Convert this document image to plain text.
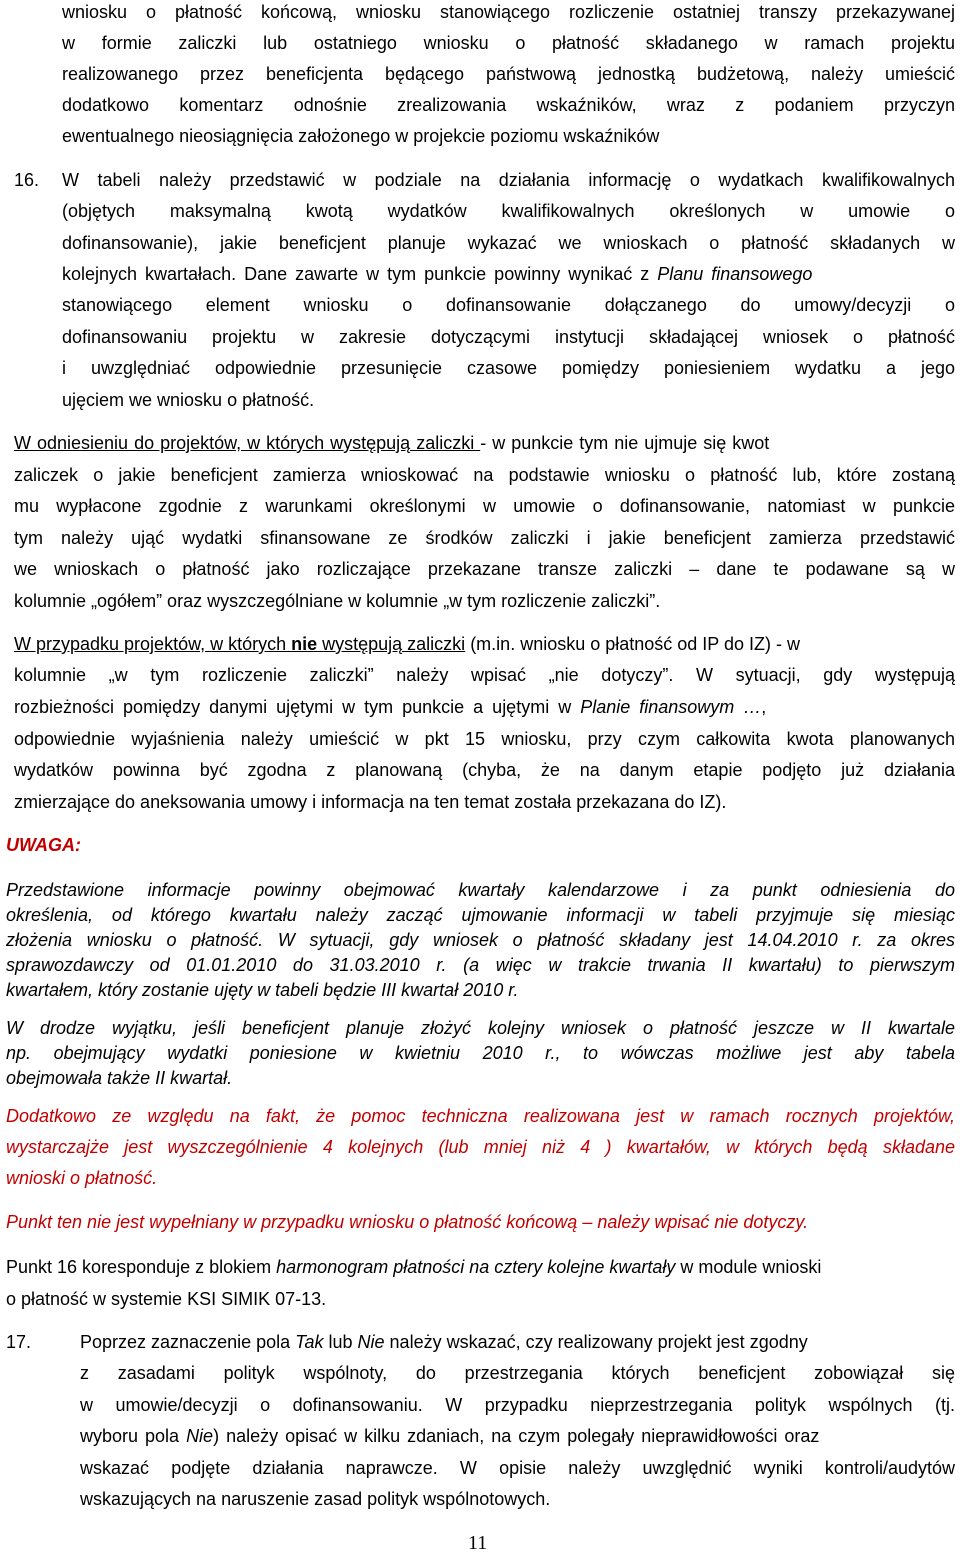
wniosku o płatność końcową, wniosku stanowiącego rozliczenie ostatniej transzy przekazywanej
w formie zaliczki lub ostatniego wniosku o płatność składanego w ramach projektu
realizowanego przez beneficjenta będącego państwową jednostką budżetową, należy umieścić
dodatkowo komentarz odnośnie zrealizowania wskaźników, wraz z podaniem przyczyn
ewentualnego nieosiągnięcia założonego w projekcie poziomu wskaźników
16. W tabeli należy przedstawić w podziale na działania informację o wydatkach kwalifikowalnych
(objętych maksymalną kwotą wydatków kwalifikowalnych określonych w umowie o
dofinansowanie), jakie beneficjent planuje wykazać we wnioskach o płatność składanych w
kolejnych kwartałach. Dane zawarte w tym punkcie powinny wynikać z Planu finansowego
stanowiącego element wniosku o dofinansowanie dołączanego do umowy/decyzji o
dofinansowaniu projektu w zakresie dotyczącymi instytucji składającej wniosek o płatność
i uwzględniać odpowiednie przesunięcie czasowe pomiędzy poniesieniem wydatku a jego
ujęciem we wniosku o płatność.
W odniesieniu do projektów, w których występują zaliczki - w punkcie tym nie ujmuje się kwot
zaliczek o jakie beneficjent zamierza wnioskować na podstawie wniosku o płatność lub, które zostaną
mu wypłacone zgodnie z warunkami określonymi w umowie o dofinansowanie, natomiast w punkcie
tym należy ująć wydatki sfinansowane ze środków zaliczki i jakie beneficjent zamierza przedstawić
we wnioskach o płatność jako rozliczające przekazane transze zaliczki – dane te podawane są w
kolumnie „ogółem” oraz wyszczególniane w kolumnie „w tym rozliczenie zaliczki”.
W przypadku projektów, w których nie występują zaliczki (m.in. wniosku o płatność od IP do IZ) - w
kolumnie „w tym rozliczenie zaliczki” należy wpisać „nie dotyczy”. W sytuacji, gdy występują
rozbieżności pomiędzy danymi ujętymi w tym punkcie a ujętymi w Planie finansowym …,
odpowiednie wyjaśnienia należy umieścić w pkt 15 wniosku, przy czym całkowita kwota planowanych
wydatków powinna być zgodna z planowaną (chyba, że na danym etapie podjęto już działania
zmierzające do aneksowania umowy i informacja na ten temat została przekazana do IZ).
UWAGA:
Przedstawione informacje powinny obejmować kwartały kalendarzowe i za punkt odniesienia do
określenia, od którego kwartału należy zacząć ujmowanie informacji w tabeli przyjmuje się miesiąc
złożenia wniosku o płatność. W sytuacji, gdy wniosek o płatność składany jest 14.04.2010 r. za okres
sprawozdawczy od 01.01.2010 do 31.03.2010 r. (a więc w trakcie trwania II kwartału) to pierwszym
kwartałem, który zostanie ujęty w tabeli będzie III kwartał 2010 r.
W drodze wyjątku, jeśli beneficjent planuje złożyć kolejny wniosek o płatność jeszcze w II kwartale
np. obejmujący wydatki poniesione w kwietniu 2010 r., to wówczas możliwe jest aby tabela
obejmowała także II kwartał.
Dodatkowo ze względu na fakt, że pomoc techniczna realizowana jest w ramach rocznych projektów,
wystarczajże jest wyszczególnienie 4 kolejnych (lub mniej niż 4 ) kwartałów, w których będą składane
wnioski o płatność.
Punkt ten nie jest wypełniany w przypadku wniosku o płatność końcową – należy wpisać nie dotyczy.
Punkt 16 koresponduje z blokiem harmonogram płatności na cztery kolejne kwartały w module wnioski
o płatność w systemie KSI SIMIK 07-13.
17.	Poprzez zaznaczenie pola Tak lub Nie należy wskazać, czy realizowany projekt jest zgodny
z zasadami polityk wspólnoty, do przestrzegania których beneficjent zobowiązał się
w umowie/decyzji o dofinansowaniu. W przypadku nieprzestrzegania polityk wspólnych (tj.
wyboru pola Nie) należy opisać w kilku zdaniach, na czym polegały nieprawidłowości oraz
wskazać podjęte działania naprawcze. W opisie należy uwzględnić wyniki kontroli/audytów
wskazujących na naruszenie zasad polityk wspólnotowych.
11
